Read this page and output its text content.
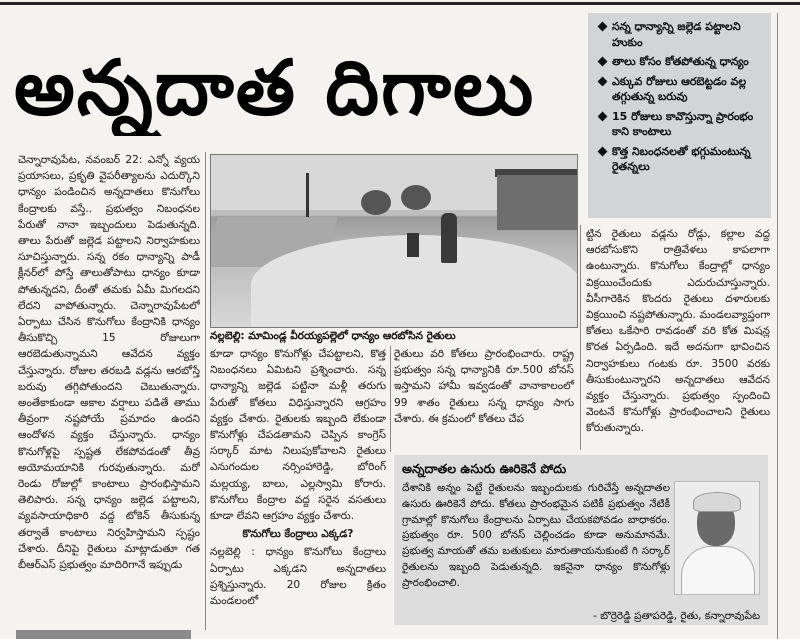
అన్నదాత దిగాలు
సన్న ధాన్యాన్ని జల్లెడ పట్టాలని హుకుం
తాలు కోసం కోతపోతున్న ధాన్యం
ఎక్కువ రోజులు ఆరబెట్టడం వల్ల తగ్గుతున్న బరువు
15 రోజులు కావొస్తున్నా ప్రారంభం కాని కాంటాలు
కొత్త నిబంధనలతో భగ్గుమంటున్న రైతన్నలు

చెన్నారావుపేట, నవంబర్ 22: ఎన్నో వ్యయ ప్రయాసలు, ప్రకృతి వైపరీత్యాలను ఎదుర్కొని ధాన్యం పండించిన అన్నదాతలు కొనుగోలు కేంద్రాలకు వస్తే.. ప్రభుత్వం నిబంధనల పేరుతో నానా ఇబ్బందులు పెడుతున్నది. తాలు పేరుతో జల్లెడ పట్టాలని నిర్వాహకులు సూచిస్తున్నారు. సన్న రకం ధాన్యాన్ని పాడీ క్లీనర్‌లో పోస్తే తాలుతోపాటు ధాన్యం కూడా పోతున్నదని, దీంతో తమకు ఏమీ మిగలదని లేదని వాపోతున్నారు. చెన్నారావుపేటలో ఏర్పాటు చేసిన కొనుగోలు కేంద్రానికి ధాన్యం తీసుకొచ్చి 15 రోజులుగా ఆరబెడుతున్నామని ఆవేదన వ్యక్తం చేస్తున్నారు. రోజుల తరబడి వడ్లను ఆరబోస్తే బరువు తగ్గిపోతుందని చెబుతున్నారు. అంతేకాకుండా అకాల వర్షాలు పడితే తాము తీవ్రంగా నష్టపోయే ప్రమాదం ఉందని ఆందోళన వ్యక్తం చేస్తున్నారు. ధాన్యం కొనుగోళ్లపై స్పష్టత లేకపోవడంతో తీవ్ర అయోమయానికి గురవుతున్నారు. మరో రెండు రోజుల్లో కాంటాలు ప్రారంభిస్తామని తెలిపారు. సన్న ధాన్యం జల్లెడ పట్టాలని, వ్యవసాయాధికారి వద్ద టోకెన్ తీసుకున్న తర్వాతే కాంటాలు నిర్వహిస్తామని స్పష్టం చేశారు. దీనిపై రైతులు మాట్లాడుతూ గత బీఆర్ఎస్ ప్రభుత్వం మాదిరిగానే ఇప్పుడు

నల్లబెల్లి: మామిండ్ల వీరయ్యపల్లెలో ధాన్యం ఆరబోసిన రైతులు

కూడా ధాన్యం కొనుగోళ్లు చేపట్టాలని, కొత్త నిబంధనలు ఏమిటని ప్రశ్నించారు. సన్న ధాన్యాన్ని జల్లెడ పట్టినా మళ్లీ తరుగు పేరుతో కోతలు విధిస్తున్నారని ఆగ్రహం వ్యక్తం చేశారు. రైతులకు ఇబ్బంది లేకుండా కొనుగోళ్లు చేపడతామని చెప్పిన కాంగ్రెస్ సర్కార్ మాట నిలుపుకోవాలని రైతులు ఎనుగందుల నర్సింహారెడ్డి, బోరింగ్ మల్లయ్య, బాలు, ఎల్లస్వామి కోరారు. కొనుగోలు కేంద్రాల వద్ద సరైన వసతులు కూడా లేవని ఆగ్రహం వ్యక్తం చేశారు.

కొనుగోలు కేంద్రాలు ఎక్కడ?

నల్లబెల్లి : ధాన్యం కొనుగోలు కేంద్రాలు ఏర్పాటు ఎక్కడని అన్నదాతలు ప్రశ్నిస్తున్నారు. 20 రోజుల క్రితం మండలంలో

రైతులు వరి కోతలు ప్రారంభించారు. రాష్ట్ర ప్రభుత్వం సన్న ధాన్యానికి రూ.500 బోనస్ ఇస్తామని హామీ ఇవ్వడంతో వానాకాలంలో 99 శాతం రైతులు సన్న ధాన్యం సాగు చేశారు. ఈ క్రమంలో కోతలు చేప

ట్టిన రైతులు వడ్లను రోడ్లు, కల్లాల వద్ద ఆరబోసుకొని రాత్రివేళలు కాపలాగా ఉంటున్నారు. కొనుగోలు కేంద్రాల్లో ధాన్యం విక్రయించేందుకు ఎదురుచూస్తున్నారు. వీసీగారెకిన కొందరు రైతులు దళారులకు విక్రయించి నష్టపోతున్నారు. మండలవ్యాప్తంగా కోతలు ఒకేసారి రావడంతో వరి కోత మిషన్ల కొరత ఏర్పడింది. ఇదే అదనుగా భావించిన నిర్వాహకులు గంటకు రూ. 3500 వరకు తీసుకుంటున్నారని అన్నదాతలు ఆవేదన వ్యక్తం చేస్తున్నారు. ప్రభుత్వం స్పందించి వెంటనే కొనుగోళ్లు ప్రారంభించాలని రైతులు కోరుతున్నారు.

అన్నదాతల ఉసురు ఊరికెనే పోదు
దేశానికి అన్నం పెట్టే రైతులను ఇబ్బందులకు గురిచేస్తే అన్నదాతల ఉసురు ఊరికెనే పోదు. కోతలు ప్రారంభమైన పటికీ ప్రభుత్వం నేటికీ గ్రామాల్లో కొనుగోలు కేంద్రాలను ఏర్పాటు చేయకపోవడం బాధాకరం. ప్రభుత్వం రూ. 500 బోనస్ చెల్లించడం కూడా అనుమానమే. ప్రభుత్వ మాయతో తమ బతుకులు మారుతాయనుకుంటే గి సర్కార్ రైతులను ఇబ్బంది పెడుతున్నది. ఇకనైనా ధాన్యం కొనుగోళ్లు ప్రారంభించాలి.
- బొర్రెరెడ్డి ప్రతాపరెడ్డి, రైతు, కన్నారావుపేట
